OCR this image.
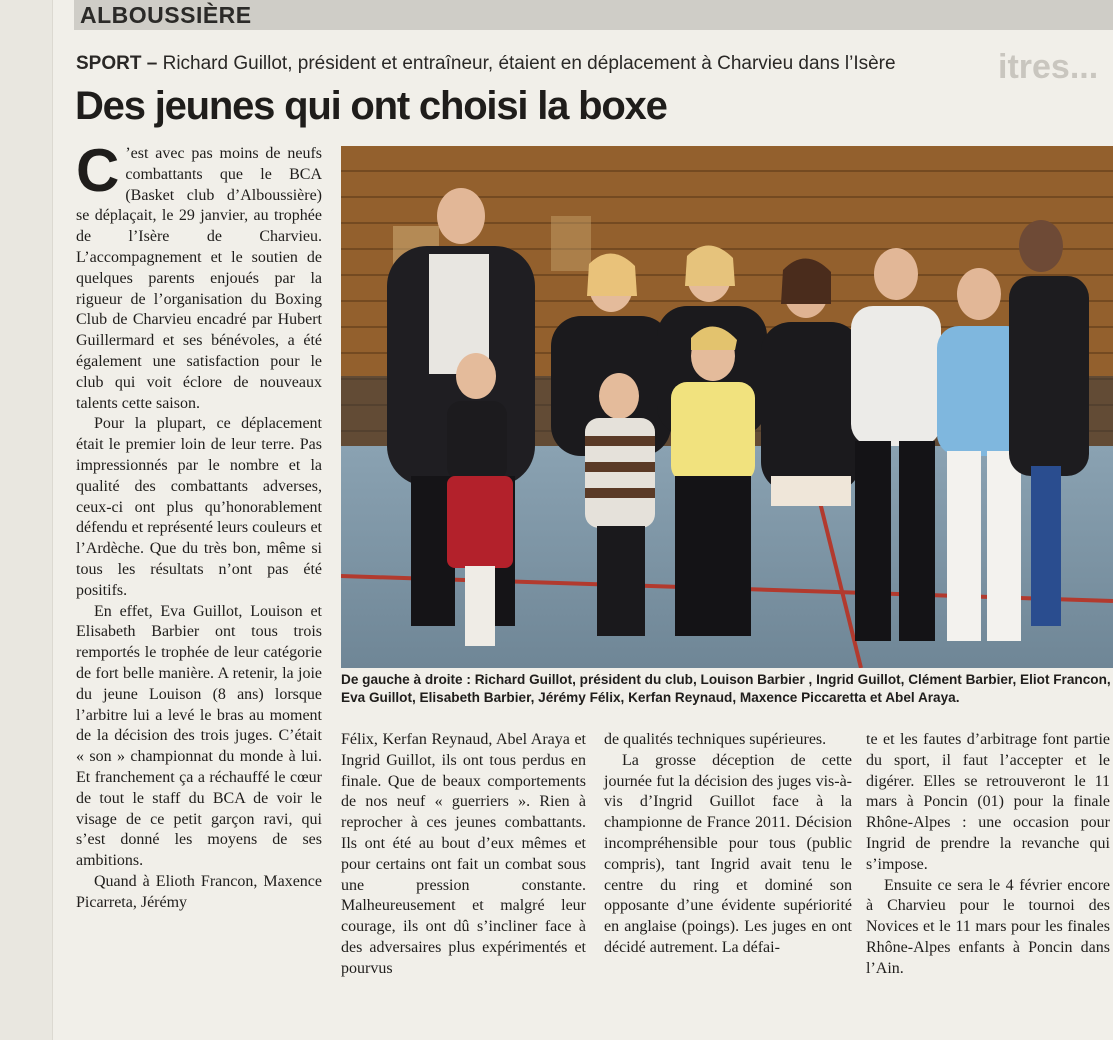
ALBOUSSIÈRE
itres...
SPORT – Richard Guillot, président et entraîneur, étaient en déplacement à Charvieu dans l’Isère
Des jeunes qui ont choisi la boxe

C ’est avec pas moins de neufs combattants que le BCA (Basket club d’Alboussière) se déplaçait, le 29 janvier, au trophée de l’Isère de Charvieu. L’accompagnement et le soutien de quelques parents enjoués par la rigueur de l’organisation du Boxing Club de Charvieu encadré par Hubert Guillermard et ses bénévoles, a été également une satisfaction pour le club qui voit éclore de nouveaux talents cette saison.

Pour la plupart, ce déplacement était le premier loin de leur terre. Pas impressionnés par le nombre et la qualité des combattants adverses, ceux-ci ont plus qu’honorablement défendu et représenté leurs couleurs et l’Ardèche. Que du très bon, même si tous les résultats n’ont pas été positifs.

En effet, Eva Guillot, Louison et Elisabeth Barbier ont tous trois remportés le trophée de leur catégorie de fort belle manière. A retenir, la joie du jeune Louison (8 ans) lorsque l’arbitre lui a levé le bras au moment de la décision des trois juges. C’était « son » championnat du monde à lui. Et franchement ça a réchauffé le cœur de tout le staff du BCA de voir le visage de ce petit garçon ravi, qui s’est donné les moyens de ses ambitions.

Quand à Elioth Francon, Maxence Picarreta, Jérémy

De gauche à droite : Richard Guillot, président du club, Louison Barbier , Ingrid Guillot, Clément Barbier, Eliot Francon, Eva Guillot, Elisabeth Barbier, Jérémy Félix, Kerfan Reynaud, Maxence Piccaretta et Abel Araya.

Félix, Kerfan Reynaud, Abel Araya et Ingrid Guillot, ils ont tous perdus en finale. Que de beaux comportements de nos neuf « guerriers ». Rien à reprocher à ces jeunes combattants. Ils ont été au bout d’eux mêmes et pour certains ont fait un combat sous une pression constante. Malheureusement et malgré leur courage, ils ont dû s’incliner face à des adversaires plus expérimentés et pourvus

de qualités techniques supérieures.

La grosse déception de cette journée fut la décision des juges vis-à-vis d’Ingrid Guillot face à la championne de France 2011. Décision incompréhensible pour tous (public compris), tant Ingrid avait tenu le centre du ring et dominé son opposante d’une évidente supériorité en anglaise (poings). Les juges en ont décidé autrement. La défai-

te et les fautes d’arbitrage font partie du sport, il faut l’accepter et le digérer. Elles se retrouveront le 11 mars à Poncin (01) pour la finale Rhône-Alpes : une occasion pour Ingrid de prendre la revanche qui s’impose.

Ensuite ce sera le 4 février encore à Charvieu pour le tournoi des Novices et le 11 mars pour les finales Rhône-Alpes enfants à Poncin dans l’Ain.
